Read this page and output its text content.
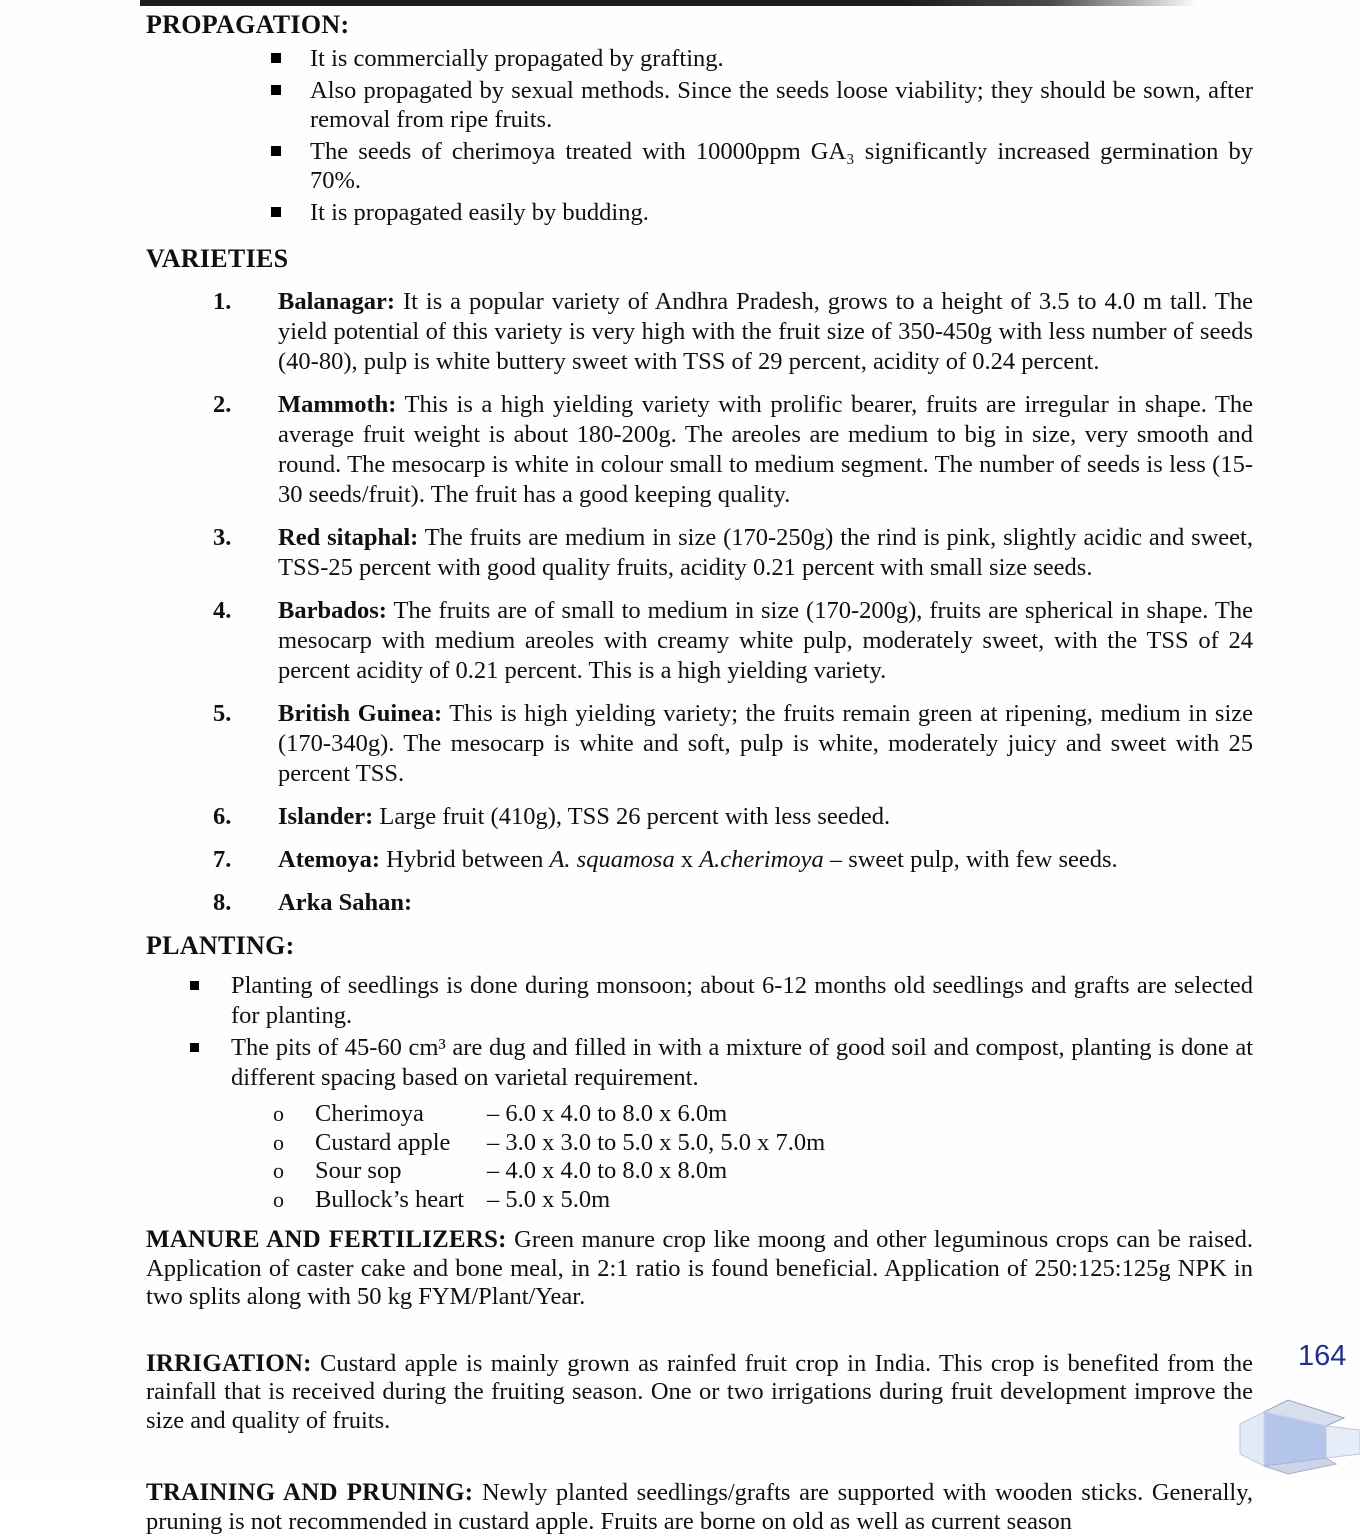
PROPAGATION:
It is commercially propagated by grafting.
Also propagated by sexual methods. Since the seeds loose viability; they should be sown, after removal from ripe fruits.
The seeds of cherimoya treated with 10000ppm GA₃ significantly increased germination by 70%.
It is propagated easily by budding.
VARIETIES
1.	Balanagar: It is a popular variety of Andhra Pradesh, grows to a height of 3.5 to 4.0 m tall. The yield potential of this variety is very high with the fruit size of 350-450g with less number of seeds (40-80), pulp is white buttery sweet with TSS of 29 percent, acidity of 0.24 percent.
2.	Mammoth: This is a high yielding variety with prolific bearer, fruits are irregular in shape. The average fruit weight is about 180-200g. The areoles are medium to big in size, very smooth and round. The mesocarp is white in colour small to medium segment. The number of seeds is less (15-30 seeds/fruit). The fruit has a good keeping quality.
3.	Red sitaphal: The fruits are medium in size (170-250g) the rind is pink, slightly acidic and sweet, TSS-25 percent with good quality fruits, acidity 0.21 percent with small size seeds.
4.	Barbados: The fruits are of small to medium in size (170-200g), fruits are spherical in shape. The mesocarp with medium areoles with creamy white pulp, moderately sweet, with the TSS of 24 percent acidity of 0.21 percent. This is a high yielding variety.
5.	British Guinea: This is high yielding variety; the fruits remain green at ripening, medium in size (170-340g). The mesocarp is white and soft, pulp is white, moderately juicy and sweet with 25 percent TSS.
6.	Islander: Large fruit (410g), TSS 26 percent with less seeded.
7.	Atemoya: Hybrid between A. squamosa x A.cherimoya – sweet pulp, with few seeds.
8.	Arka Sahan:
PLANTING:
Planting of seedlings is done during monsoon; about 6-12 months old seedlings and grafts are selected for planting.
The pits of 45-60 cm³ are dug and filled in with a mixture of good soil and compost, planting is done at different spacing based on varietal requirement.
o	Cherimoya	– 6.0 x 4.0 to 8.0 x 6.0m
o	Custard apple	– 3.0 x 3.0 to 5.0 x 5.0, 5.0 x 7.0m
o	Sour sop	– 4.0 x 4.0 to 8.0 x 8.0m
o	Bullock’s heart – 5.0 x 5.0m

MANURE AND FERTILIZERS: Green manure crop like moong and other leguminous crops can be raised. Application of caster cake and bone meal, in 2:1 ratio is found beneficial. Application of 250:125:125g NPK in two splits along with 50 kg FYM/Plant/Year.

IRRIGATION: Custard apple is mainly grown as rainfed fruit crop in India. This crop is benefited from the rainfall that is received during the fruiting season. One or two irrigations during fruit development improve the size and quality of fruits.

TRAINING AND PRUNING: Newly planted seedlings/grafts are supported with wooden sticks. Generally, pruning is not recommended in custard apple. Fruits are borne on old as well as current season

164
